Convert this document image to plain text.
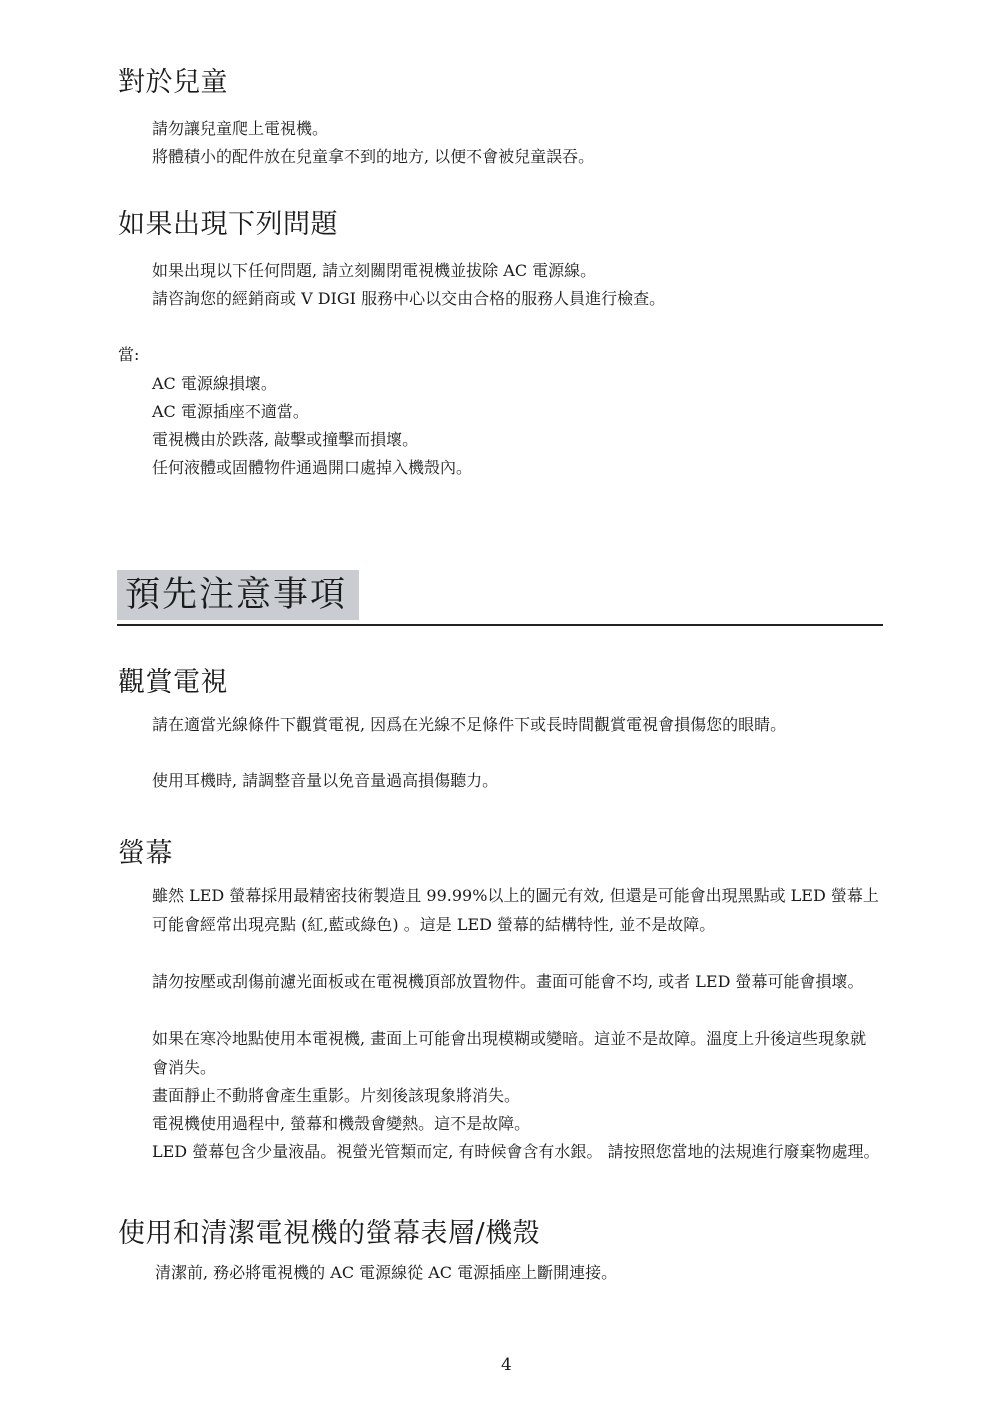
對於兒童
請勿讓兒童爬上電視機。
將體積小的配件放在兒童拿不到的地方, 以便不會被兒童誤吞。
如果出現下列問題
如果出現以下任何問題, 請立刻關閉電視機並拔除 AC 電源線。
請咨詢您的經銷商或 V DIGI 服務中心以交由合格的服務人員進行檢查。
當:
AC 電源線損壞。
AC 電源插座不適當。
電視機由於跌落, 敲擊或撞擊而損壞。
任何液體或固體物件通過開口處掉入機殼內。
預先注意事項
觀賞電視
請在適當光線條件下觀賞電視, 因爲在光線不足條件下或長時間觀賞電視會損傷您的眼睛。
使用耳機時, 請調整音量以免音量過高損傷聽力。
螢幕
雖然 LED 螢幕採用最精密技術製造且 99.99%以上的圖元有效, 但還是可能會出現黑點或 LED 螢幕上可能會經常出現亮點 (紅,藍或綠色) 。這是 LED 螢幕的結構特性, 並不是故障。
請勿按壓或刮傷前濾光面板或在電視機頂部放置物件。畫面可能會不均, 或者 LED 螢幕可能會損壞。
如果在寒冷地點使用本電視機, 畫面上可能會出現模糊或變暗。這並不是故障。溫度上升後這些現象就會消失。
畫面靜止不動將會產生重影。片刻後該現象將消失。
電視機使用過程中, 螢幕和機殼會變熱。這不是故障。
LED 螢幕包含少量液晶。視螢光管類而定, 有時候會含有水銀。 請按照您當地的法規進行廢棄物處理。
使用和清潔電視機的螢幕表層/機殼
清潔前, 務必將電視機的 AC 電源線從 AC 電源插座上斷開連接。
4
